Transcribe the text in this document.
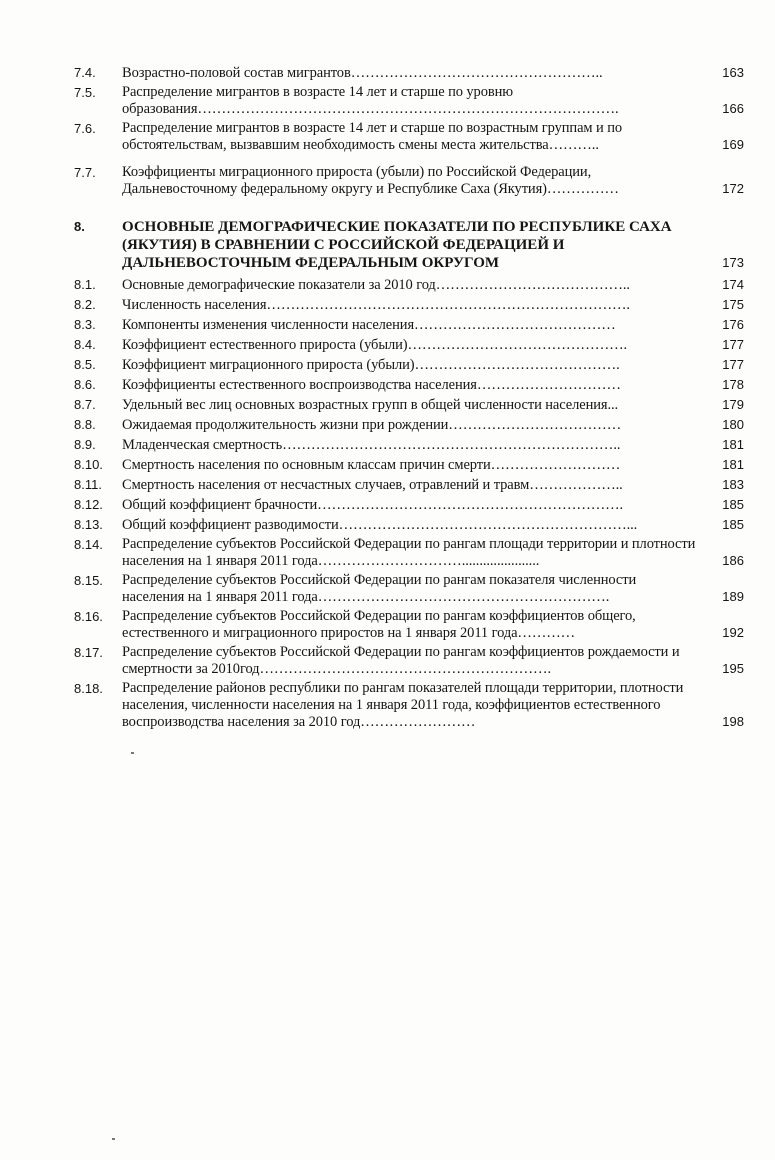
7.4.	Возрастно-половой состав мигрантов……………………………………………..	163
7.5.	Распределение мигрантов в возрасте 14 лет и старше по уровню образования…………………………………………………………………………….	166
7.6.	Распределение мигрантов в возрасте 14 лет и старше по возрастным группам и по обстоятельствам, вызвавшим необходимость смены места жительства………..	169
7.7.	Коэффициенты миграционного прироста (убыли) по Российской Федерации, Дальневосточному федеральному округу и Республике Саха (Якутия)……………	172
8.	ОСНОВНЫЕ ДЕМОГРАФИЧЕСКИЕ ПОКАЗАТЕЛИ ПО РЕСПУБЛИКЕ САХА (ЯКУТИЯ) В СРАВНЕНИИ С РОССИЙСКОЙ ФЕДЕРАЦИЕЙ И ДАЛЬНЕВОСТОЧНЫМ ФЕДЕРАЛЬНЫМ ОКРУГОМ	173
8.1.	Основные демографические показатели за 2010 год…………………………………..	174
8.2.	Численность населения………………………………………………………………….	175
8.3.	Компоненты изменения численности населения……………………………………	176
8.4.	Коэффициент естественного прироста (убыли)……………………………………….	177
8.5.	Коэффициент миграционного прироста (убыли)…………………………………….	177
8.6.	Коэффициенты естественного воспроизводства населения…………………………	178
8.7.	Удельный вес лиц основных возрастных групп в общей численности населения...	179
8.8.	Ожидаемая продолжительность жизни при рождении………………………………	180
8.9.	Младенческая смертность……………………………………………………………..	181
8.10.	Смертность населения по основным классам причин смерти………………………	181
8.11.	Смертность населения от несчастных случаев, отравлений и травм………………..	183
8.12.	Общий коэффициент брачности……………………………………………………….	185
8.13.	Общий коэффициент разводимости……………………………………………………...	185
8.14.	Распределение субъектов Российской Федерации по рангам площади территории и плотности населения на 1 января 2011 года…………………………......................	186
8.15.	Распределение субъектов Российской Федерации по рангам показателя численности населения на 1 января 2011 года…………………………………………………….	189
8.16.	Распределение субъектов Российской Федерации по рангам коэффициентов общего, естественного и миграционного приростов на 1 января 2011 года…………	192
8.17.	Распределение субъектов Российской Федерации по рангам коэффициентов рождаемости и смертности за 2010год…………………………………………………….	195
8.18.	Распределение районов республики по рангам показателей площади территории, плотности населения, численности населения на 1 января 2011 года, коэффициентов естественного воспроизводства населения за 2010 год……………………	198
